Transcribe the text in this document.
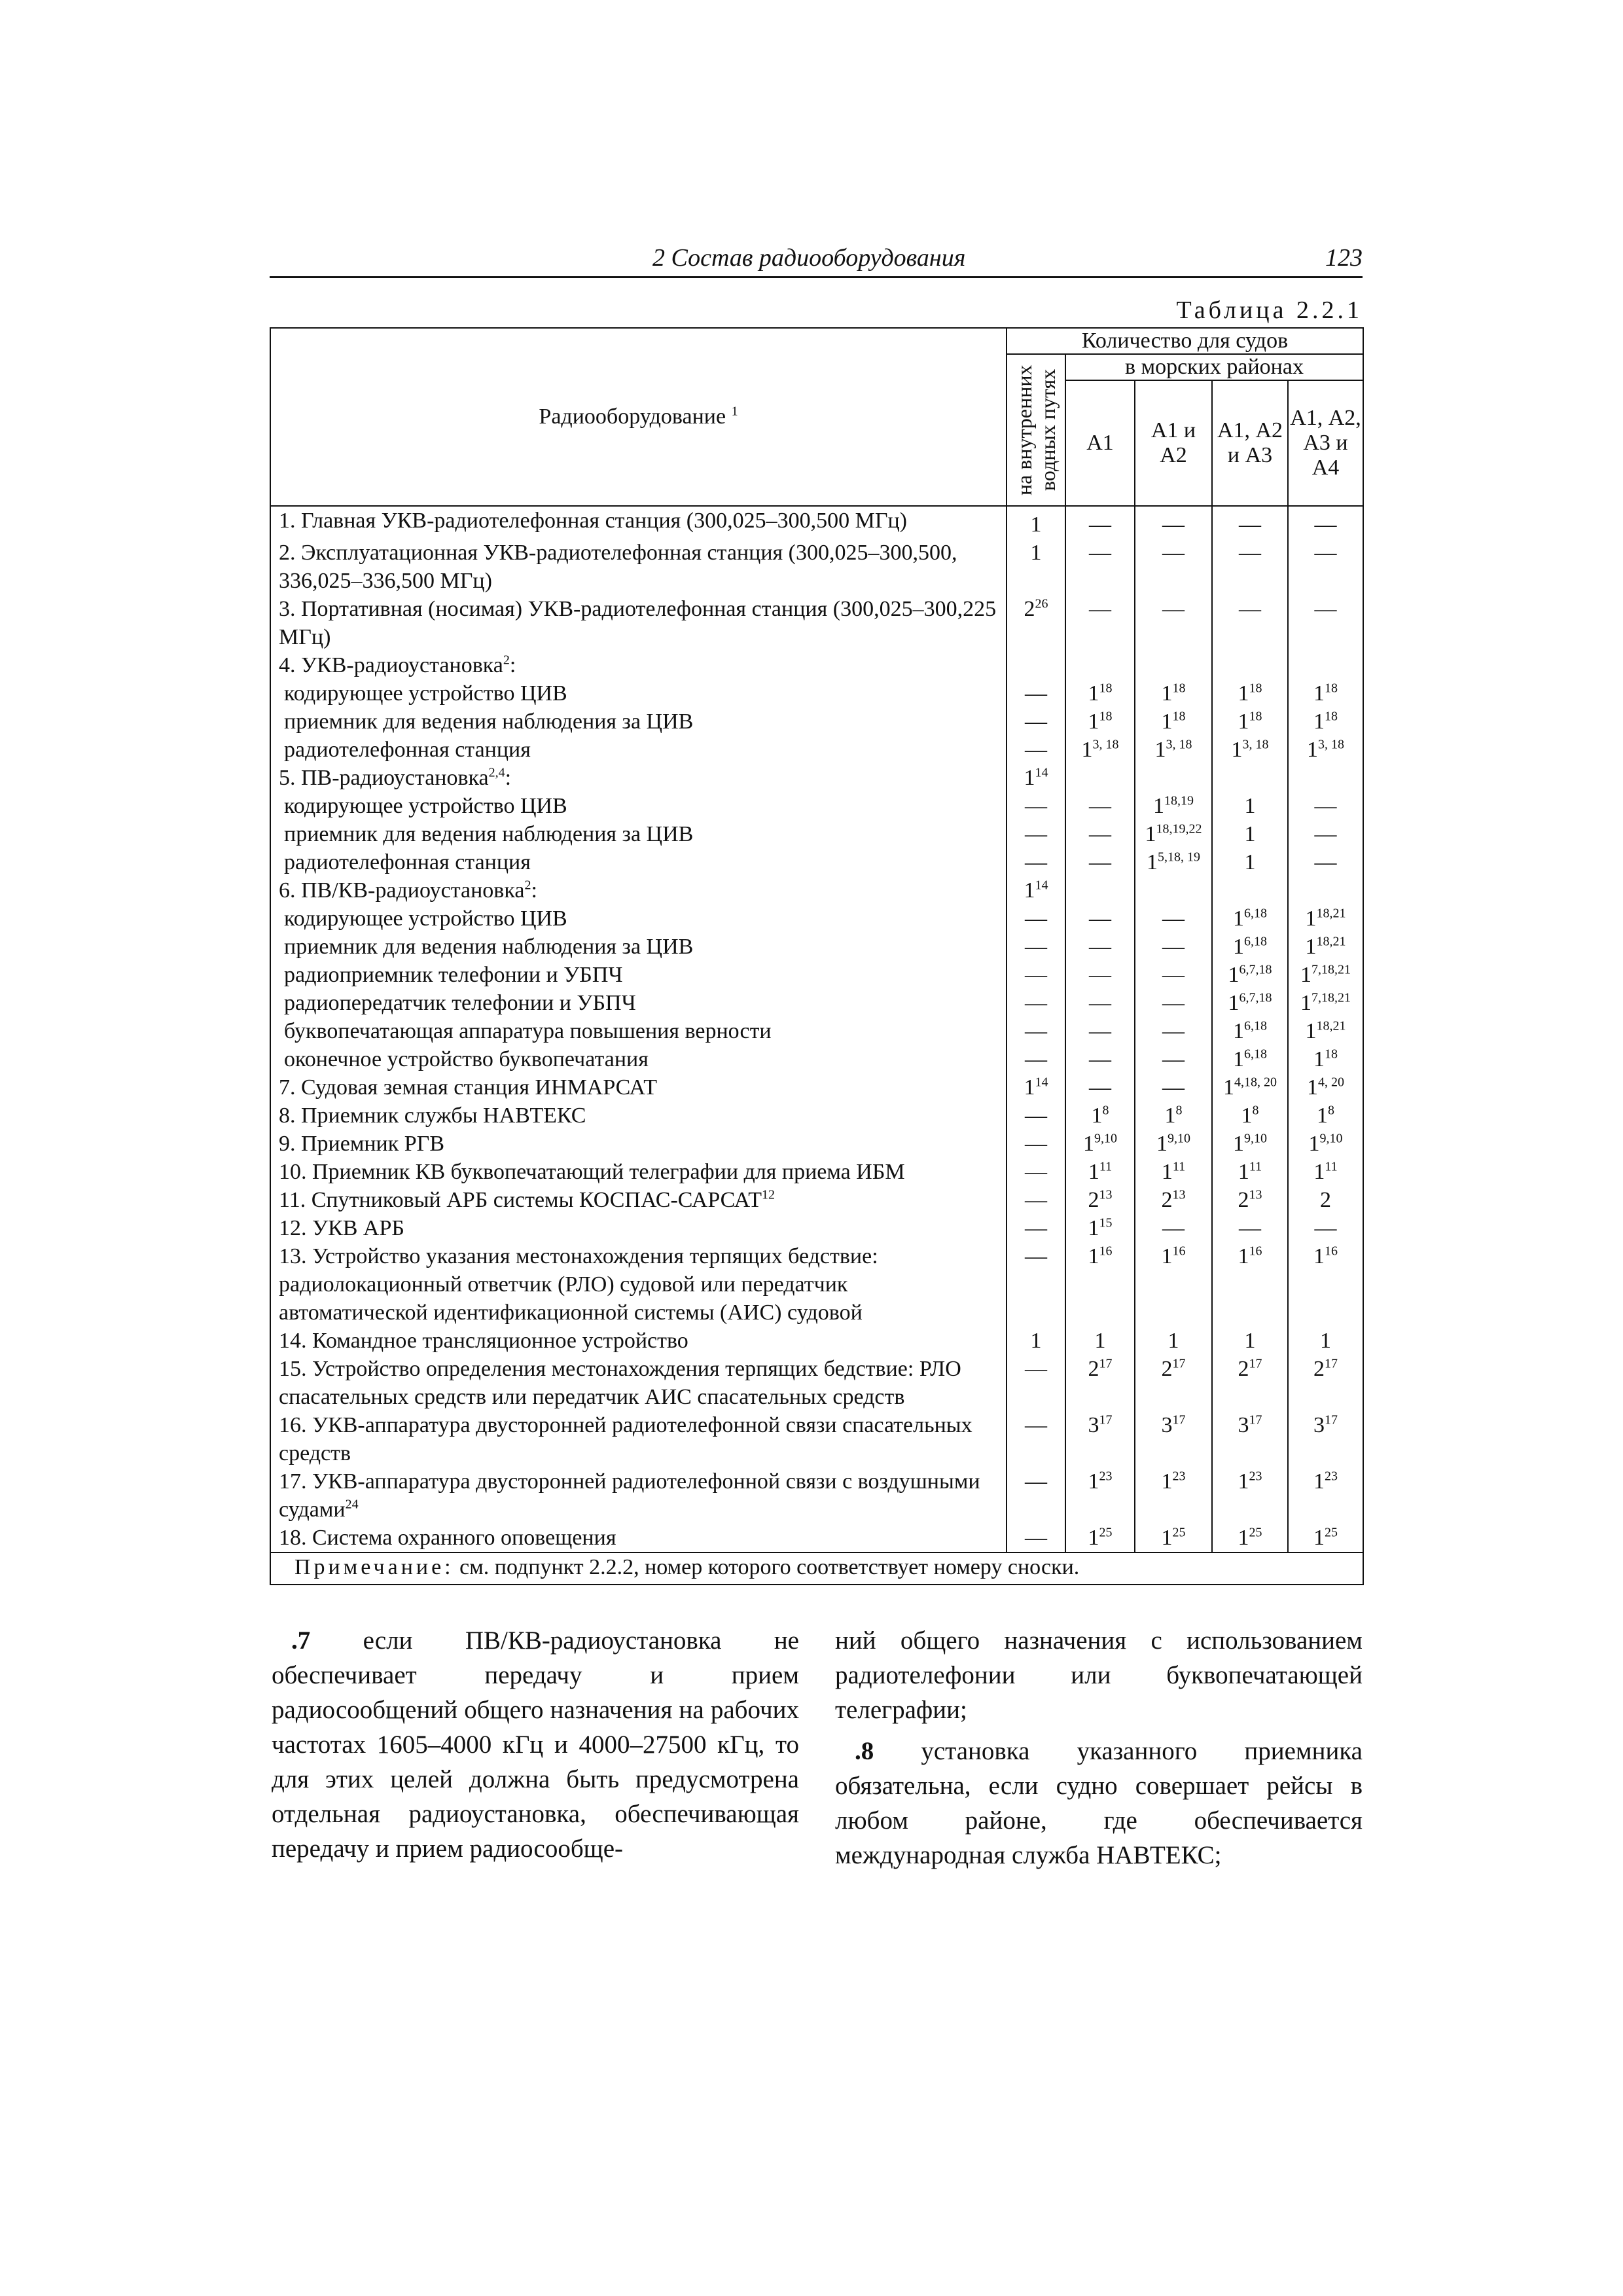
2 Состав радиооборудования	123
Таблица 2.2.1
Радиооборудование $^1$	Количество для судов				

	на внутренних водных путях	в морских районах			
		А1	А1 и А2	А1, А2 и А3	А1, А2, А3 и А4
1. Главная УКВ-радиотелефонная станция (300,025–300,500 МГц)	1	—	—	—	—
2. Эксплуатационная УКВ-радиотелефонная станция (300,025–300,500, 336,025–336,500 МГц)	1	—	—	—	—
3. Портативная (носимая) УКВ-радиотелефонная станция (300,025–300,225 МГц)	$2^{26}$	—	—	—	—
4. УКВ-радиоустановка$^2$:					
кодирующее устройство ЦИВ	—	$1^{18}$	$1^{18}$	$1^{18}$	$1^{18}$
приемник для ведения наблюдения за ЦИВ	—	$1^{18}$	$1^{18}$	$1^{18}$	$1^{18}$
радиотелефонная станция	—	1$^{3, 18}$	1$^{3, 18}$	1$^{3, 18}$	1$^{3, 18}$
5. ПВ-радиоустановка$^{2,4}$:	$1^{14}$				
кодирующее устройство ЦИВ	—	—	1$^{18,19}$	1	—
приемник для ведения наблюдения за ЦИВ	—	—	1$^{18,19,22}$	1	—
радиотелефонная станция	—	—	1$^{5,18, 19}$	1	—
6. ПВ/КВ-радиоустановка$^2$:	$1^{14}$				
кодирующее устройство ЦИВ	—	—	—	1$^{6,18}$	1$^{18,21}$
приемник для ведения наблюдения за ЦИВ	—	—	—	1$^{6,18}$	1$^{18,21}$
радиоприемник телефонии и УБПЧ	—	—	—	1$^{6,7,18}$	1$^{7,18,21}$
радиопередатчик телефонии и УБПЧ	—	—	—	1$^{6,7,18}$	1$^{7,18,21}$
буквопечатающая аппаратура повышения верности	—	—	—	1$^{6,18}$	1$^{18,21}$
оконечное устройство буквопечатания	—	—	—	1$^{6,18}$	$1^{18}$
7. Судовая земная станция ИНМАРСАТ	$1^{14}$	—	—	1$^{4,18, 20}$	1$^{4, 20}$
8. Приемник службы НАВТЕКС	—	$1^8$	$1^8$	$1^8$	$1^8$
9. Приемник РГВ	—	1$^{9,10}$	1$^{9,10}$	1$^{9,10}$	1$^{9,10}$
10. Приемник КВ буквопечатающий телеграфии для приема ИБМ	—	$1^{11}$	$1^{11}$	$1^{11}$	$1^{11}$
11. Спутниковый АРБ системы КОСПАС-САРСАТ$^{12}$	—	$2^{13}$	$2^{13}$	$2^{13}$	2
12. УКВ АРБ	—	$1^{15}$	—	—	—
13. Устройство указания местонахождения терпящих бедствие: радиолокационный ответчик (РЛО) судовой или передатчик автоматической идентификационной системы (АИС) судовой	—	$1^{16}$	$1^{16}$	$1^{16}$	$1^{16}$
14. Командное трансляционное устройство	1	1	1	1	1
15. Устройство определения местонахождения терпящих бедствие: РЛО спасательных средств или передатчик АИС спасательных средств	—	$2^{17}$	$2^{17}$	$2^{17}$	$2^{17}$
16. УКВ-аппаратура двусторонней радиотелефонной связи спасательных средств	—	$3^{17}$	$3^{17}$	$3^{17}$	$3^{17}$
17. УКВ-аппаратура двусторонней радиотелефонной связи с воздушными судами$^{24}$	—	$1^{23}$	$1^{23}$	$1^{23}$	$1^{23}$
18. Система охранного оповещения	—	$1^{25}$	$1^{25}$	$1^{25}$	$1^{25}$
Примечание: см. подпункт 2.2.2, номер которого соответствует номеру сноски.					

.7 если ПВ/КВ-радиоустановка не обеспечивает передачу и прием радиосообщений общего назначения на рабочих частотах 1605–4000 кГц и 4000–27500 кГц, то для этих целей должна быть предусмотрена отдельная радиоустановка, обеспечивающая передачу и прием радиосообще-

ний общего назначения с использованием радиотелефонии или буквопечатающей телеграфии;

.8 установка указанного приемника обязательна, если судно совершает рейсы в любом районе, где обеспечивается международная служба НАВТЕКС;
